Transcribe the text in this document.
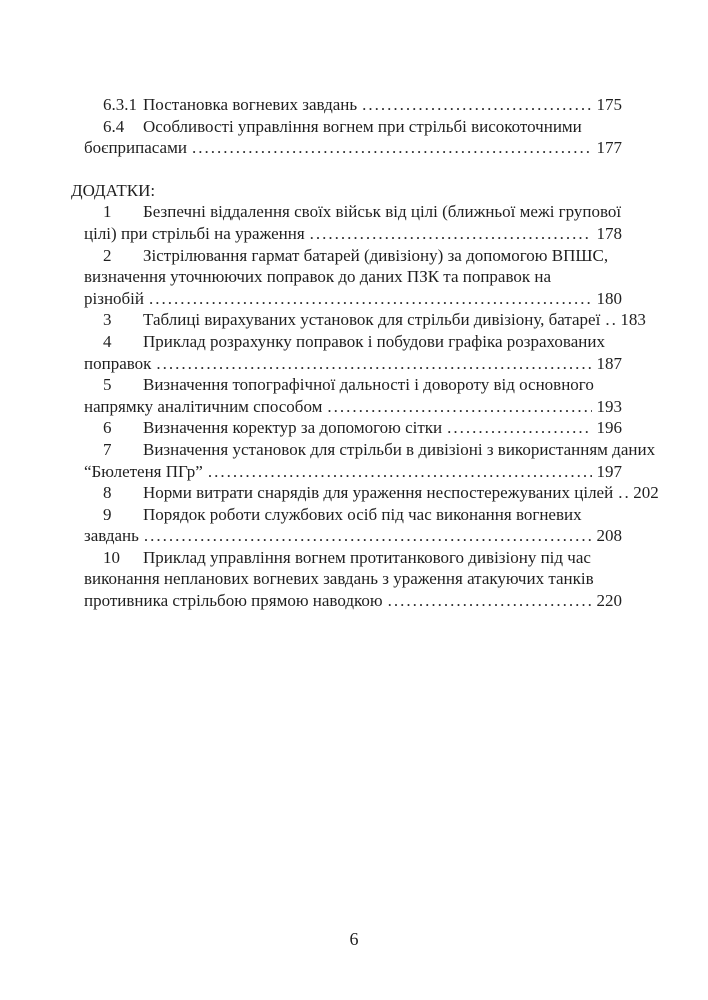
6.3.1 Постановка вогневих завдань .....	175
6.4	Особливості управління вогнем при стрільбі високоточними
боєприпасами .....	177
ДОДАТКИ:
1	Безпечні віддалення своїх військ від цілі (ближньої межі групової
цілі) при стрільбі на ураження .....	178
2	Зістрілювання гармат батарей (дивізіону) за допомогою ВПШС,
визначення уточнюючих поправок до даних ПЗК та поправок на
різнобій .....	180
3	Таблиці вирахуваних установок для стрільби дивізіону, батареї ..... 183
4	Приклад розрахунку поправок і побудови графіка розрахованих
поправок .....	187
5	Визначення топографічної дальності і довороту від основного
напрямку аналітичним способом .....	193
6	Визначення коректур за допомогою сітки .....	196
7	Визначення установок для стрільби в дивізіоні з використанням даних
“Бюлетеня ПГр” .....	197
8	Норми витрати снарядів для ураження неспостережуваних цілей ..... 202
9	Порядок роботи службових осіб під час виконання вогневих
завдань .....	208
10	Приклад управління вогнем протитанкового дивізіону під час
виконання непланових вогневих завдань з ураження атакуючих танків
противника стрільбою прямою наводкою .....	220
6
